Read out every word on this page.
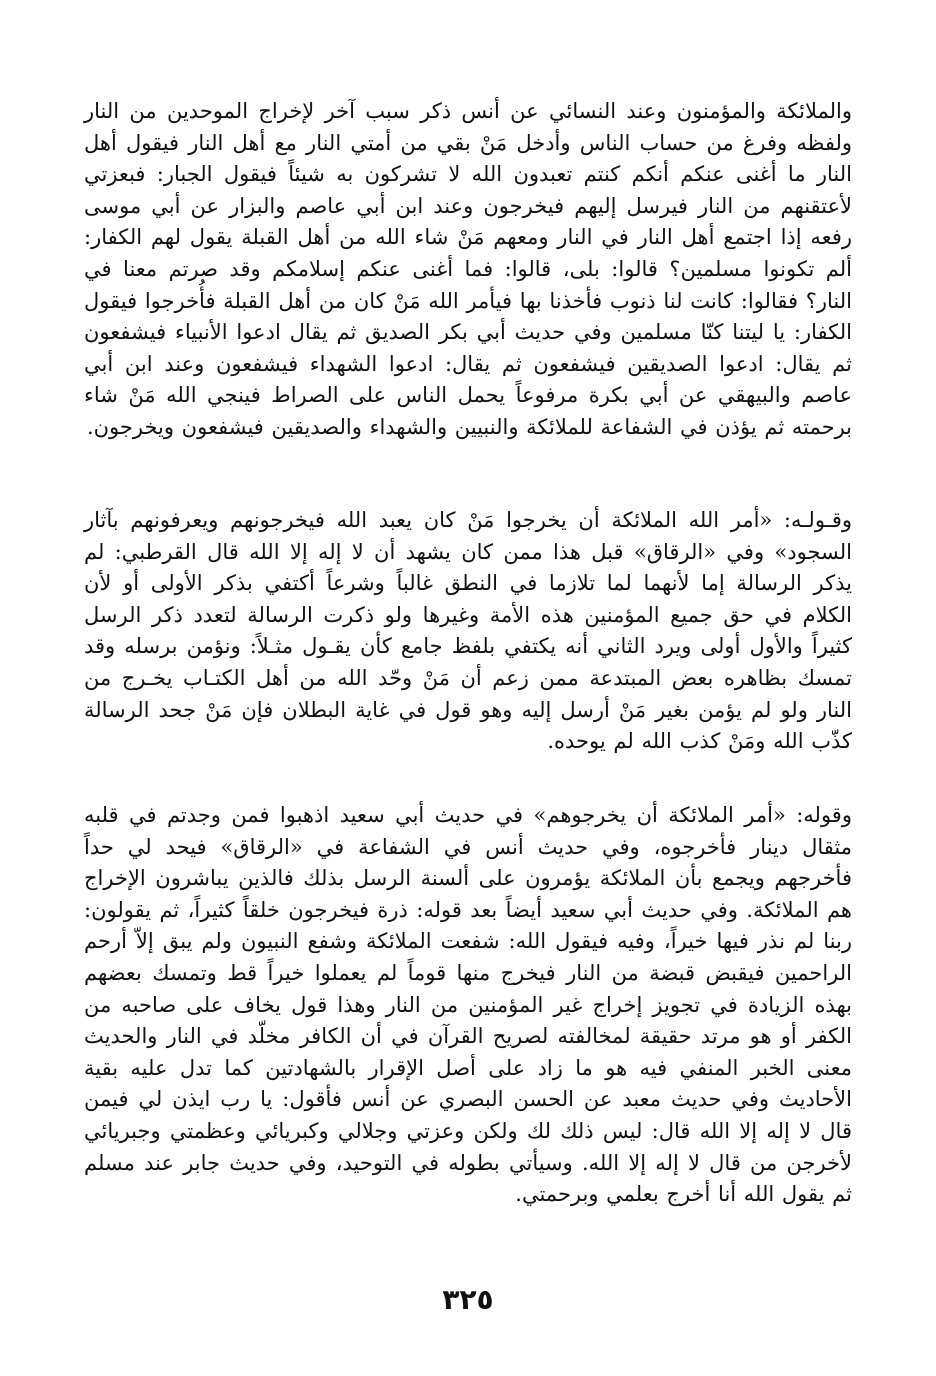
والملائكة والمؤمنون وعند النسائي عن أنس ذكر سبب آخر لإخراج الموحدين من النار ولفظه وفرغ من حساب الناس وأدخل مَنْ بقي من أمتي النار مع أهل النار فيقول أهل النار ما أغنى عنكم أنكم كنتم تعبدون الله لا تشركون به شيئاً فيقول الجبار: فبعزتي لأعتقنهم من النار فيرسل إليهم فيخرجون وعند ابن أبي عاصم والبزار عن أبي موسى رفعه إذا اجتمع أهل النار في النار ومعهم مَنْ شاء الله من أهل القبلة يقول لهم الكفار: ألم تكونوا مسلمين؟ قالوا: بلى، قالوا: فما أغنى عنكم إسلامكم وقد صرتم معنا في النار؟ فقالوا: كانت لنا ذنوب فأخذنا بها فيأمر الله مَنْ كان من أهل القبلة فأُخرجوا فيقول الكفار: يا ليتنا كنّا مسلمين وفي حديث أبي بكر الصديق ثم يقال ادعوا الأنبياء فيشفعون ثم يقال: ادعوا الصديقين فيشفعون ثم يقال: ادعوا الشهداء فيشفعون وعند ابن أبي عاصم والبيهقي عن أبي بكرة مرفوعاً يحمل الناس على الصراط فينجي الله مَنْ شاء برحمته ثم يؤذن في الشفاعة للملائكة والنبيين والشهداء والصديقين فيشفعون ويخرجون.

وقـولـه: «أمر الله الملائكة أن يخرجوا مَنْ كان يعبد الله فيخرجونهم ويعرفونهم بآثار السجود» وفي «الرقاق» قبل هذا ممن كان يشهد أن لا إله إلا الله قال القرطبي: لم يذكر الرسالة إما لأنهما لما تلازما في النطق غالباً وشرعاً أكتفي بذكر الأولى أو لأن الكلام في حق جميع المؤمنين هذه الأمة وغيرها ولو ذكرت الرسالة لتعدد ذكر الرسل كثيراً والأول أولى ويرد الثاني أنه يكتفي بلفظ جامع كأن يقـول مثـلاً: ونؤمن برسله وقد تمسك بظاهره بعض المبتدعة ممن زعم أن مَنْ وحّد الله من أهل الكتـاب يخـرج من النار ولو لم يؤمن بغير مَنْ أرسل إليه وهو قول في غاية البطلان فإن مَنْ جحد الرسالة كذّب الله ومَنْ كذب الله لم يوحده.

وقوله: «أمر الملائكة أن يخرجوهم» في حديث أبي سعيد اذهبوا فمن وجدتم في قلبه مثقال دينار فأخرجوه، وفي حديث أنس في الشفاعة في «الرقاق» فيحد لي حداً فأخرجهم ويجمع بأن الملائكة يؤمرون على ألسنة الرسل بذلك فالذين يباشرون الإخراج هم الملائكة. وفي حديث أبي سعيد أيضاً بعد قوله: ذرة فيخرجون خلقاً كثيراً، ثم يقولون: ربنا لم نذر فيها خيراً، وفيه فيقول الله: شفعت الملائكة وشفع النبيون ولم يبق إلاّ أرحم الراحمين فيقبض قبضة من النار فيخرج منها قوماً لم يعملوا خيراً قط وتمسك بعضهم بهذه الزيادة في تجويز إخراج غير المؤمنين من النار وهذا قول يخاف على صاحبه من الكفر أو هو مرتد حقيقة لمخالفته لصريح القرآن في أن الكافر مخلّد في النار والحديث معنى الخبر المنفي فيه هو ما زاد على أصل الإقرار بالشهادتين كما تدل عليه بقية الأحاديث وفي حديث معبد عن الحسن البصري عن أنس فأقول: يا رب ايذن لي فيمن قال لا إله إلا الله قال: ليس ذلك لك ولكن وعزتي وجلالي وكبريائي وعظمتي وجبريائي لأخرجن من قال لا إله إلا الله. وسيأتي بطوله في التوحيد، وفي حديث جابر عند مسلم ثم يقول الله أنا أخرج بعلمي وبرحمتي.

٣٢٥
